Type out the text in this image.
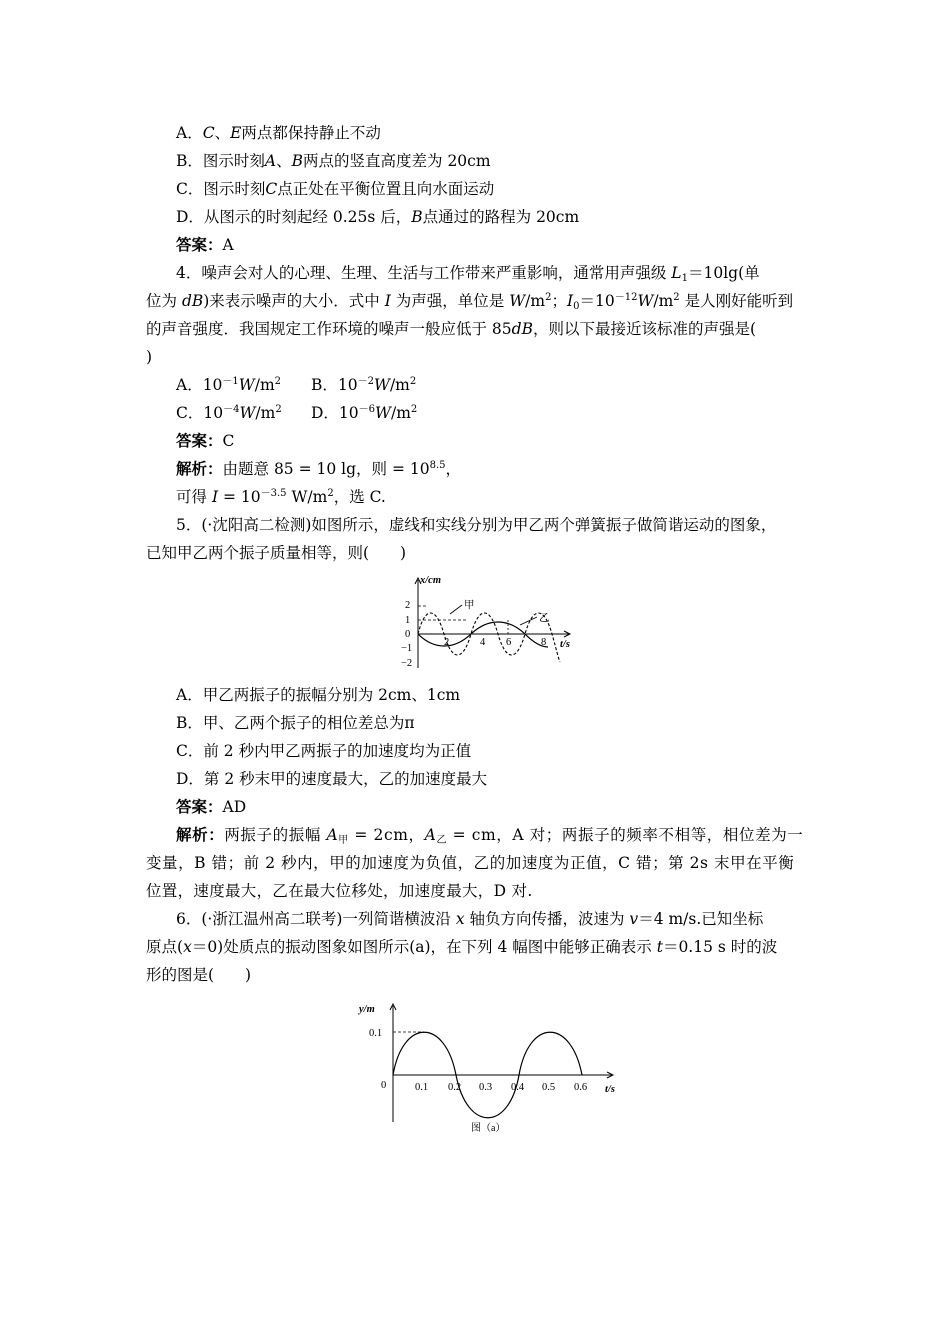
A．C、E两点都保持静止不动
B．图示时刻A、B两点的竖直高度差为 20cm
C．图示时刻C点正处在平衡位置且向水面运动
D．从图示的时刻起经 0.25s 后，B点通过的路程为 20cm
答案：A
4．噪声会对人的心理、生理、生活与工作带来严重影响，通常用声强级 $L_1=10\lg$(单
位为 dB)来表示噪声的大小．式中 I 为声强，单位是 $W/m^2$；$I_0=10^{-12}W/m^2$ 是人刚好能听到
的声音强度．我国规定工作环境的噪声一般应低于 85dB，则以下最接近该标准的声强是(
)
A．$10^{-1}W/m^2$ B．$10^{-2}W/m^2$
C．$10^{-4}W/m^2$ D．$10^{-6}W/m^2$
答案：C
解析：由题意 85 = 10 lg，则 = $10^{8.5}$，
可得 $I = 10^{-3.5}$ $W/m^2$，选 C.
5．(·沈阳高二检测)如图所示，虚线和实线分别为甲乙两个弹簧振子做简谐运动的图象，
已知甲乙两个振子质量相等，则(　　)
x/cm
t/s
2
1
0
−1
−2
2	4 6	8
甲
乙
A．甲乙两振子的振幅分别为 2cm、1cm
B．甲、乙两个振子的相位差总为π
C．前 2 秒内甲乙两振子的加速度均为正值
D．第 2 秒末甲的速度最大，乙的加速度最大
答案：AD
解析：两振子的振幅 $A_甲 = 2cm$，$A_乙$ = cm，A 对；两振子的频率不相等，相位差为一
变量，B 错；前 2 秒内，甲的加速度为负值，乙的加速度为正值，C 错；第 2s 末甲在平衡
位置，速度最大，乙在最大位移处，加速度最大，D 对.
6．(·浙江温州高二联考)一列简谐横波沿 x 轴负方向传播，波速为 v＝4 m/s.已知坐标
原点(x＝0)处质点的振动图象如图所示(a)，在下列 4 幅图中能够正确表示 t＝0.15 s 时的波
形的图是(　　)
y/m
t/s
0.1
0	0.1 0.2 0.3 0.4 0.5 0.6
图（a）
